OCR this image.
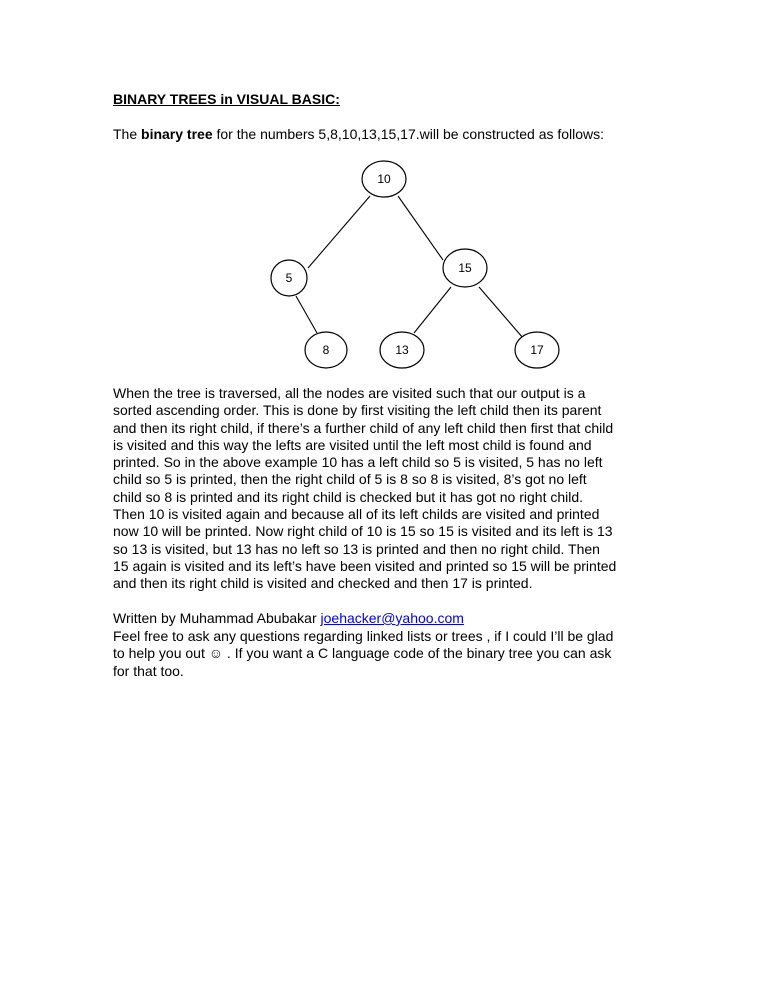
BINARY TREES in VISUAL BASIC:
The binary tree for the numbers 5,8,10,13,15,17.will be constructed as follows:
10
5
15
8	13	17
When the tree is traversed, all the nodes are visited such that our output is a
sorted ascending order. This is done by first visiting the left child then its parent
and then its right child, if there’s a further child of any left child then first that child
is visited and this way the lefts are visited until the left most child is found and
printed. So in the above example 10 has a left child so 5 is visited, 5 has no left
child so 5 is printed, then the right child of 5 is 8 so 8 is visited, 8’s got no left
child so 8 is printed and its right child is checked but it has got no right child.
Then 10 is visited again and because all of its left childs are visited and printed
now 10 will be printed. Now right child of 10 is 15 so 15 is visited and its left is 13
so 13 is visited, but 13 has no left so 13 is printed and then no right child. Then
15 again is visited and its left’s have been visited and printed so 15 will be printed
and then its right child is visited and checked and then 17 is printed.
Written by Muhammad Abubakar joehacker@yahoo.com
Feel free to ask any questions regarding linked lists or trees , if I could I’ll be glad
to help you out ☺ . If you want a C language code of the binary tree you can ask
for that too.
